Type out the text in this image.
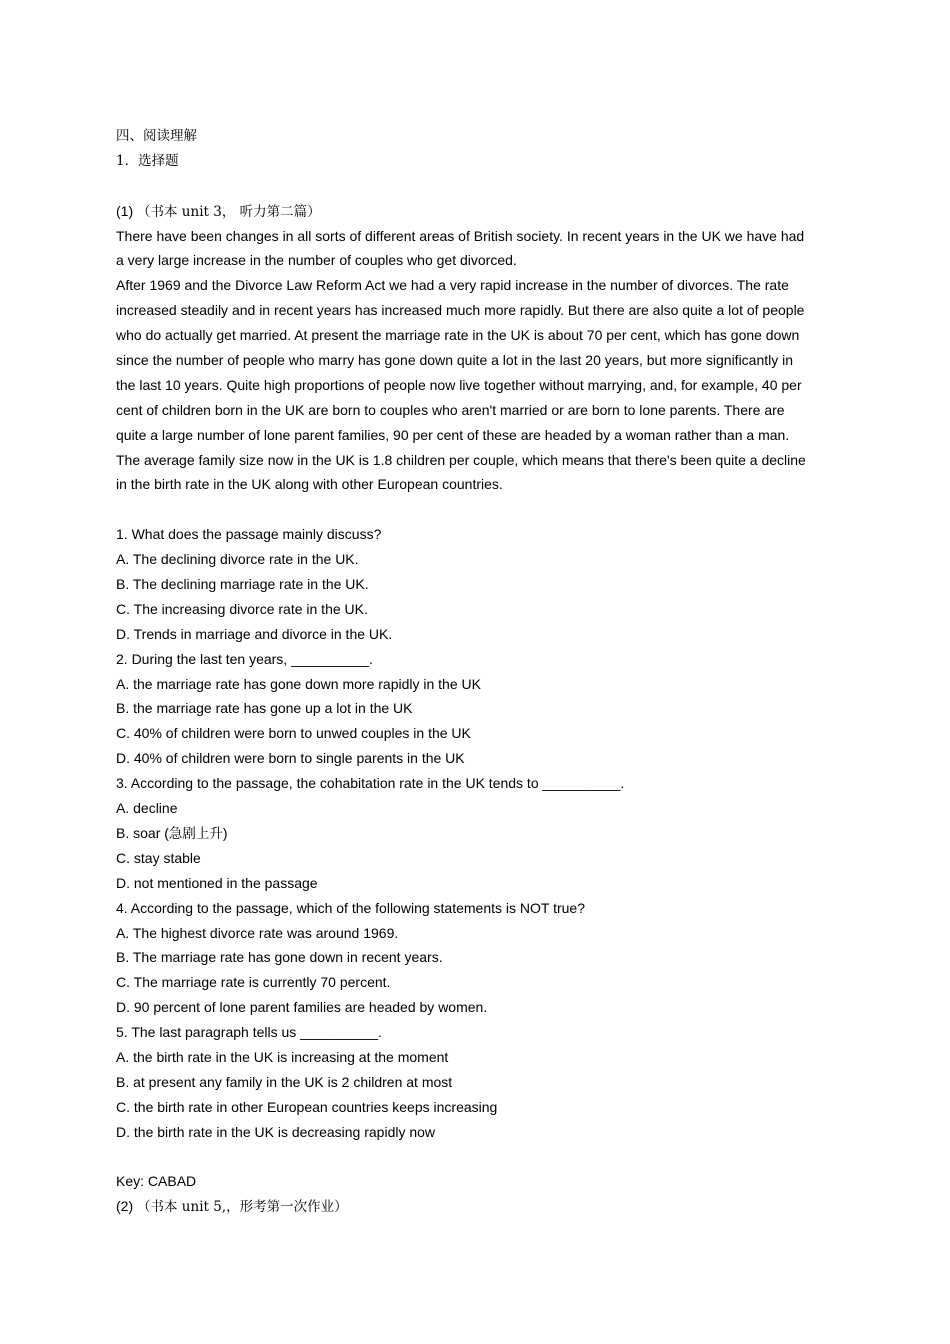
四、阅读理解
1．选择题
(1) （书本 unit 3， 听力第二篇）
There have been changes in all sorts of different areas of British society. In recent years in the UK we have had
a very large increase in the number of couples who get divorced.
After 1969 and the Divorce Law Reform Act we had a very rapid increase in the number of divorces. The rate
increased steadily and in recent years has increased much more rapidly. But there are also quite a lot of people
who do actually get married. At present the marriage rate in the UK is about 70 per cent, which has gone down
since the number of people who marry has gone down quite a lot in the last 20 years, but more significantly in
the last 10 years. Quite high proportions of people now live together without marrying, and, for example, 40 per
cent of children born in the UK are born to couples who aren't married or are born to lone parents. There are
quite a large number of lone parent families, 90 per cent of these are headed by a woman rather than a man.
The average family size now in the UK is 1.8 children per couple, which means that there's been quite a decline
in the birth rate in the UK along with other European countries.
1. What does the passage mainly discuss?
A. The declining divorce rate in the UK.
B. The declining marriage rate in the UK.
C. The increasing divorce rate in the UK.
D. Trends in marriage and divorce in the UK.
2. During the last ten years, __________.
A. the marriage rate has gone down more rapidly in the UK
B. the marriage rate has gone up a lot in the UK
C. 40% of children were born to unwed couples in the UK
D. 40% of children were born to single parents in the UK
3. According to the passage, the cohabitation rate in the UK tends to __________.
A. decline
B. soar (急剧上升)
C. stay stable
D. not mentioned in the passage
4. According to the passage, which of the following statements is NOT true?
A. The highest divorce rate was around 1969.
B. The marriage rate has gone down in recent years.
C. The marriage rate is currently 70 percent.
D. 90 percent of lone parent families are headed by women.
5. The last paragraph tells us __________.
A. the birth rate in the UK is increasing at the moment
B. at present any family in the UK is 2 children at most
C. the birth rate in other European countries keeps increasing
D. the birth rate in the UK is decreasing rapidly now
Key: CABAD
(2) （书本 unit 5,，形考第一次作业）
